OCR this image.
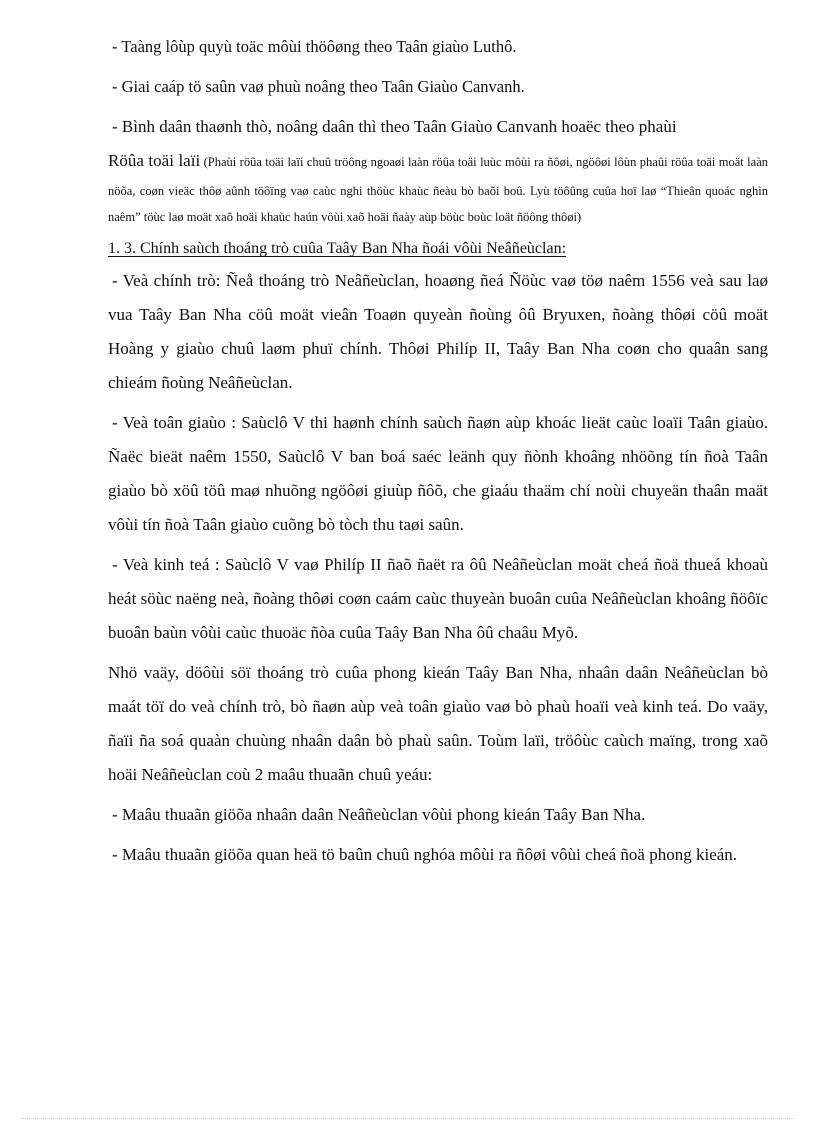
- Taàng lôùp quyù toäc môùi thöôøng theo Taân giaùo Luthô.

- Giai caáp tö saûn vaø phuù noâng theo Taân Giaùo Canvanh.

- Bình daân thaønh thò, noâng daân thì theo Taân Giaùo Canvanh hoaëc theo phaùi

Röûa toäi laïi (Phaùi röûa toäi laïi chuû tröông ngoaøi laàn röûa toäi luùc môùi ra ñôøi, ngöôøi lôùn phaûi röûa toäi moät laàn nöõa, coøn vieäc thôø aûnh töôïng vaø caùc nghi thöùc khaùc ñeàu bò baõi boû. Lyù töôûng cuûa hoï laø “Thieân quoác nghìn naêm” töùc laø moät xaõ hoäi khaùc haún vôùi xaõ hoäi ñaày aùp böùc boùc loät ñöông thôøi)

1. 3. Chính saùch thoáng trò cuûa Taây Ban Nha ñoái vôùi Neâñeùclan:

- Veà chính trò: Ñeå thoáng trò Neâñeùclan, hoaøng ñeá Ñöùc vaø töø naêm 1556 veà sau laø vua Taây Ban Nha cöû moät vieân Toaøn quyeàn ñoùng ôû Bryuxen, ñoàng thôøi cöû moät Hoàng y giaùo chuû laøm phuï chính. Thôøi Philíp II, Taây Ban Nha coøn cho quaân sang chieám ñoùng Neâñeùclan.

- Veà toân giaùo : Saùclô V thi haønh chính saùch ñaøn aùp khoác lieät caùc loaïi Taân giaùo. Ñaëc bieät naêm 1550, Saùclô V ban boá saéc leänh quy ñònh khoâng nhöõng tín ñoà Taân giaùo bò xöû töû maø nhuõng ngöôøi giuùp ñôõ, che giaáu thaäm chí noùi chuyeän thaân maät vôùi tín ñoà Taân giaùo cuõng bò tòch thu taøi saûn.

- Veà kinh teá : Saùclô V vaø Philíp II ñaõ ñaët ra ôû Neâñeùclan moät cheá ñoä thueá khoaù heát söùc naëng neà, ñoàng thôøi coøn caám caùc thuyeàn buoân cuûa Neâñeùclan khoâng ñöôïc buoân baùn vôùi caùc thuoäc ñòa cuûa Taây Ban Nha ôû chaâu Myõ.

Nhö vaäy, döôùi söï thoáng trò cuûa phong kieán Taây Ban Nha, nhaân daân Neâñeùclan bò maát töï do veà chính trò, bò ñaøn aùp veà toân giaùo vaø bò phaù hoaïi veà kinh teá. Do vaäy, ñaïi ña soá quaàn chuùng nhaân daân bò phaù saûn. Toùm laïi, tröôùc caùch maïng, trong xaõ hoäi Neâñeùclan coù 2 maâu thuaãn chuû yeáu:

- Maâu thuaãn giöõa nhaân daân Neâñeùclan vôùi phong kieán Taây Ban Nha.

- Maâu thuaãn giöõa quan heä tö baûn chuû nghóa môùi ra ñôøi vôùi cheá ñoä phong kieán.
